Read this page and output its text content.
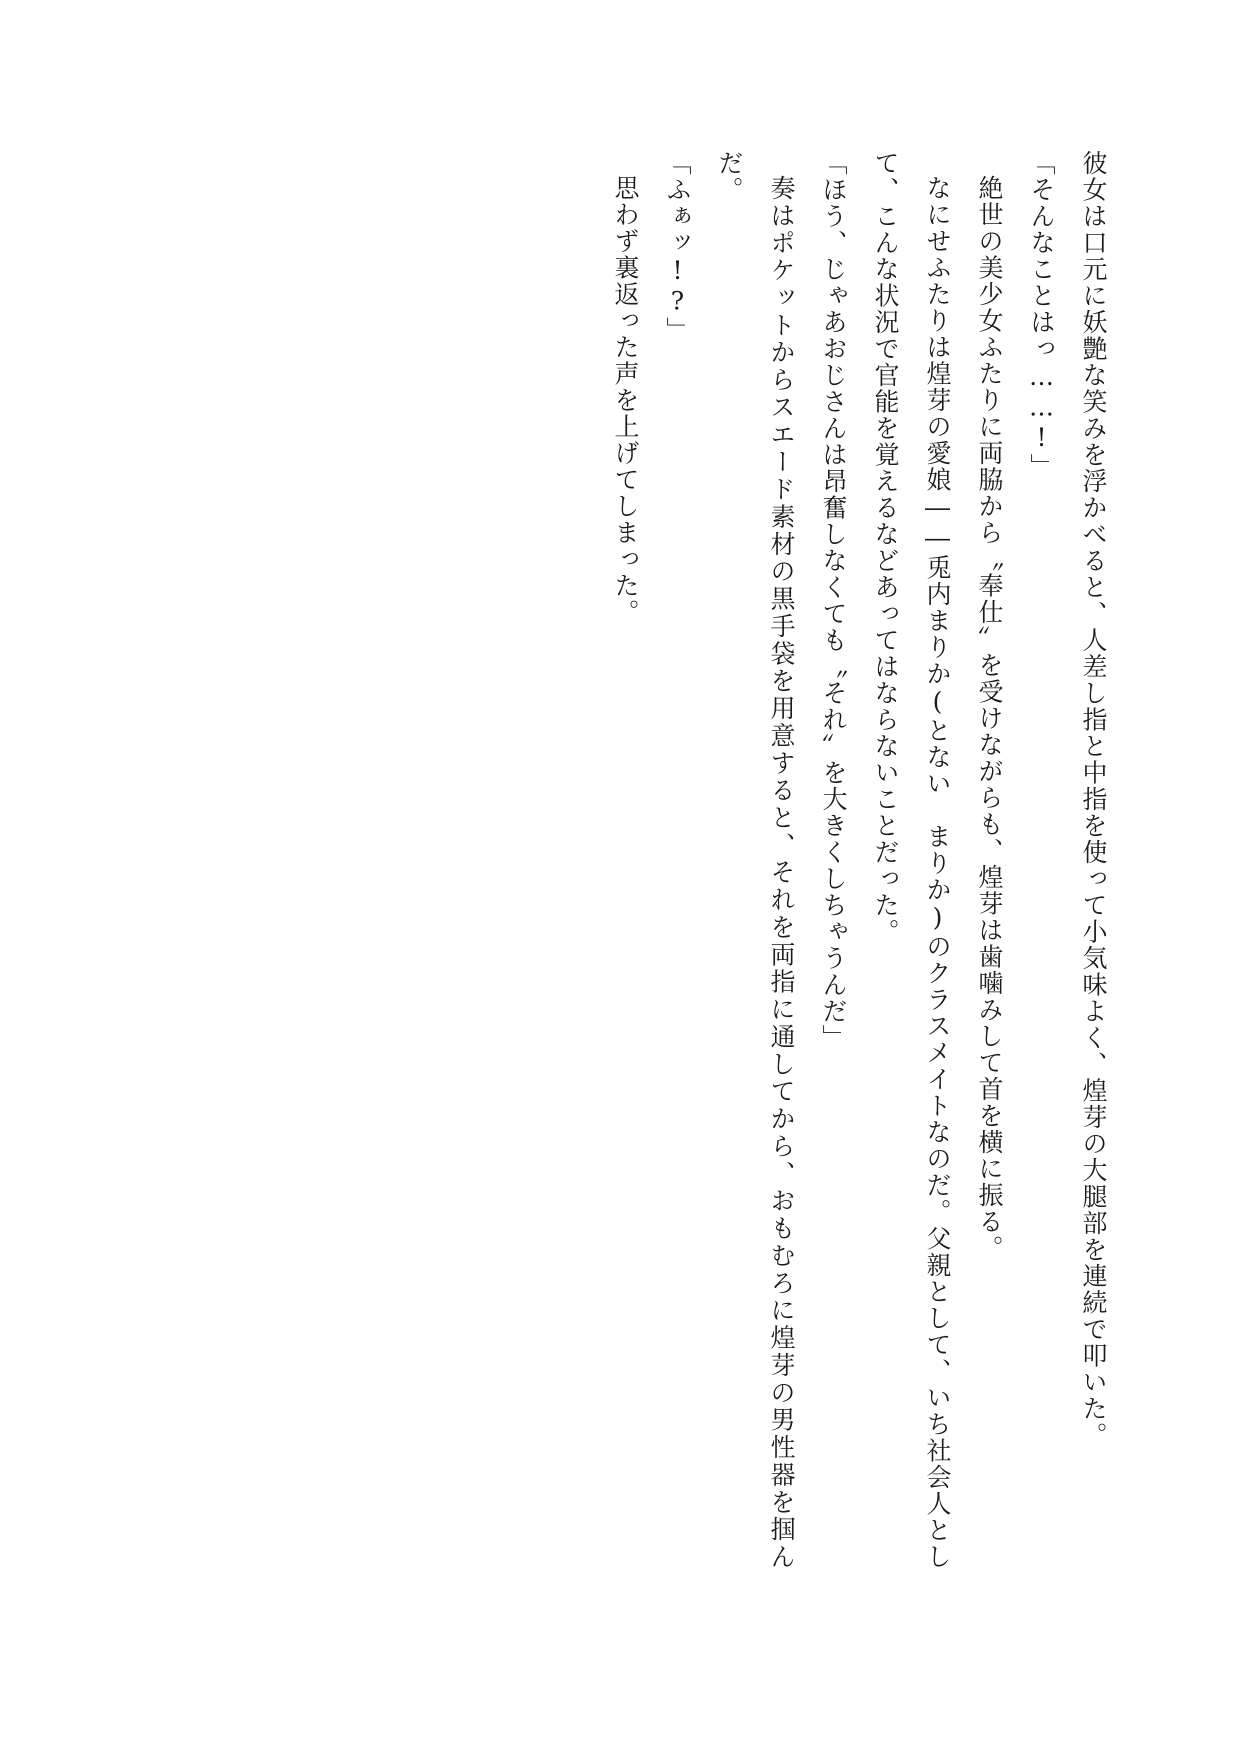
彼女は口元に妖艶な笑みを浮かべると、人差し指と中指を使って小気味よく、煌芽の大腿部を連続で叩いた。

「そんなことはっ……!」

絶世の美少女ふたりに両脇から〝奉仕〟を受けながらも、煌芽は歯噛みして首を横に振る。

なにせふたりは煌芽の愛娘――兎内まりか(とない　まりか)のクラスメイトなのだ。父親として、いち社会人として、こんな状況で官能を覚えるなどあってはならないことだった。

「ほう、じゃあおじさんは昂奮しなくても〝それ〟を大きくしちゃうんだ」

奏はポケットからスエード素材の黒手袋を用意すると、それを両指に通してから、おもむろに煌芽の男性器を掴んだ。

「ふぁッ!?」

思わず裏返った声を上げてしまった。
